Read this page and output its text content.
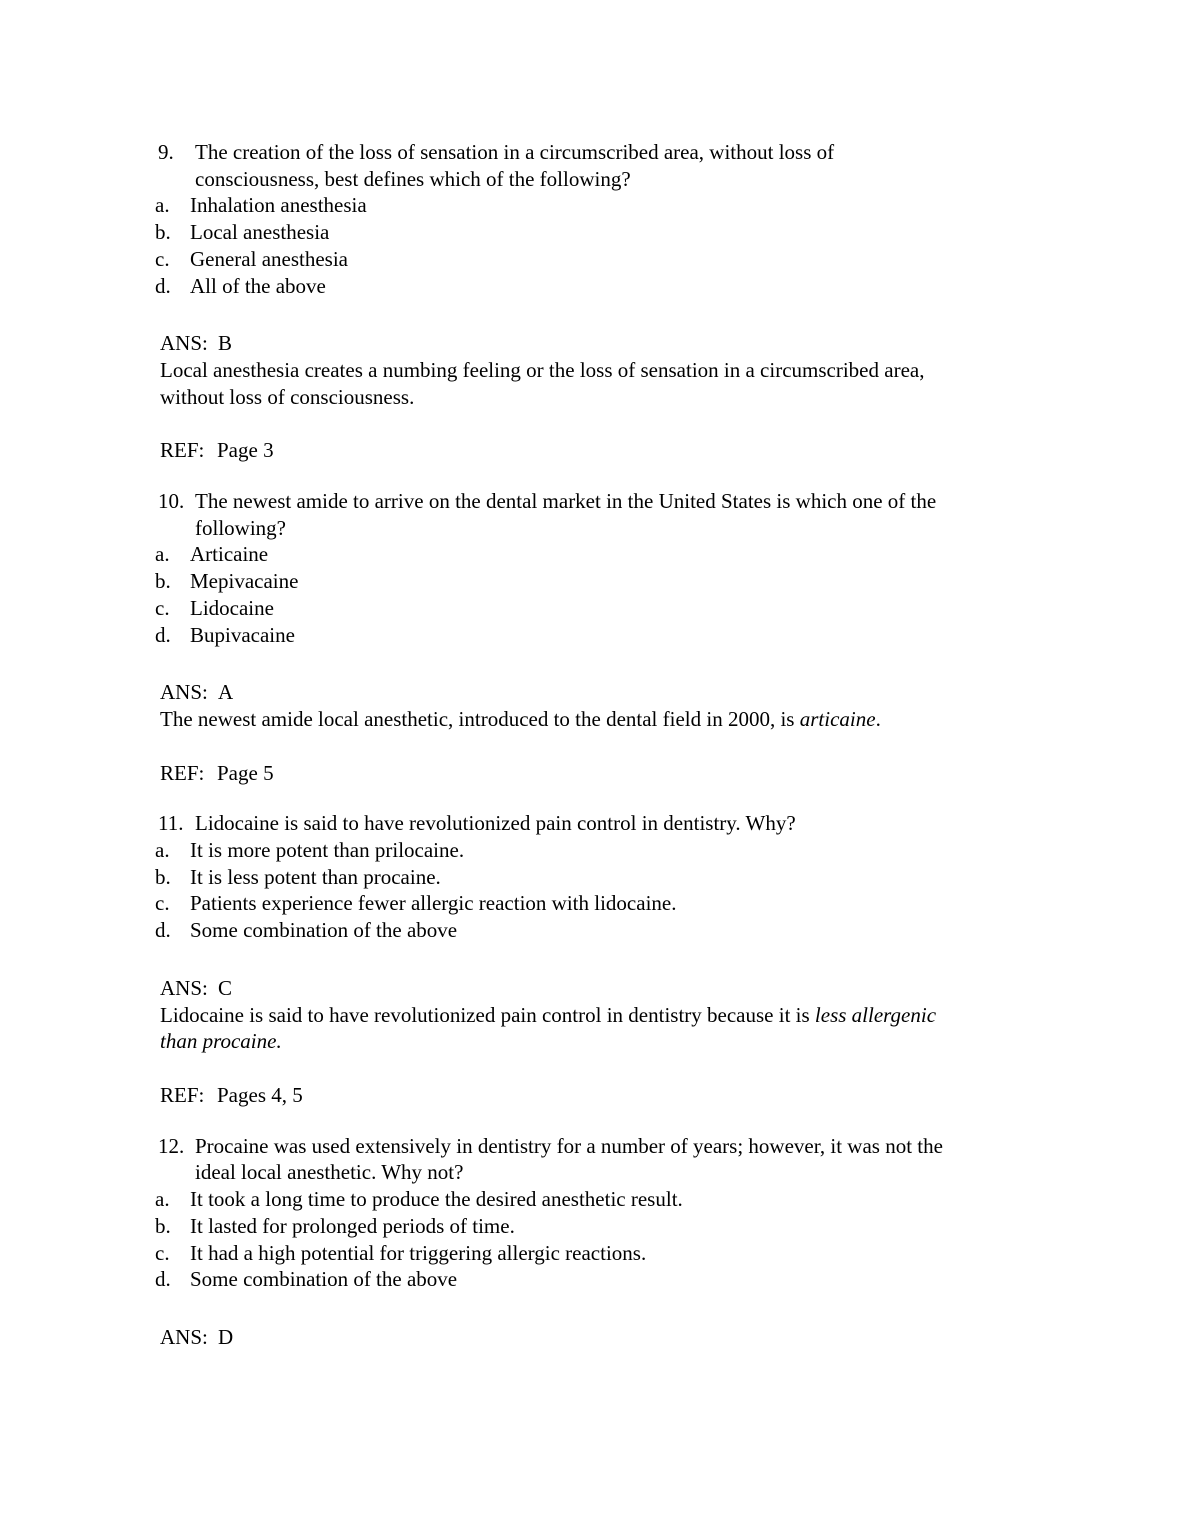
9. The creation of the loss of sensation in a circumscribed area, without loss of
consciousness, best defines which of the following?
a. Inhalation anesthesia
b. Local anesthesia
c. General anesthesia
d. All of the above
ANS: B
Local anesthesia creates a numbing feeling or the loss of sensation in a circumscribed area,
without loss of consciousness.
REF: Page 3
10. The newest amide to arrive on the dental market in the United States is which one of the
following?
a. Articaine
b. Mepivacaine
c. Lidocaine
d. Bupivacaine
ANS: A
The newest amide local anesthetic, introduced to the dental field in 2000, is articaine.
REF: Page 5
11. Lidocaine is said to have revolutionized pain control in dentistry. Why?
a. It is more potent than prilocaine.
b. It is less potent than procaine.
c. Patients experience fewer allergic reaction with lidocaine.
d. Some combination of the above
ANS: C
Lidocaine is said to have revolutionized pain control in dentistry because it is less allergenic
than procaine.
REF: Pages 4, 5
12. Procaine was used extensively in dentistry for a number of years; however, it was not the
ideal local anesthetic. Why not?
a. It took a long time to produce the desired anesthetic result.
b. It lasted for prolonged periods of time.
c. It had a high potential for triggering allergic reactions.
d. Some combination of the above
ANS: D
